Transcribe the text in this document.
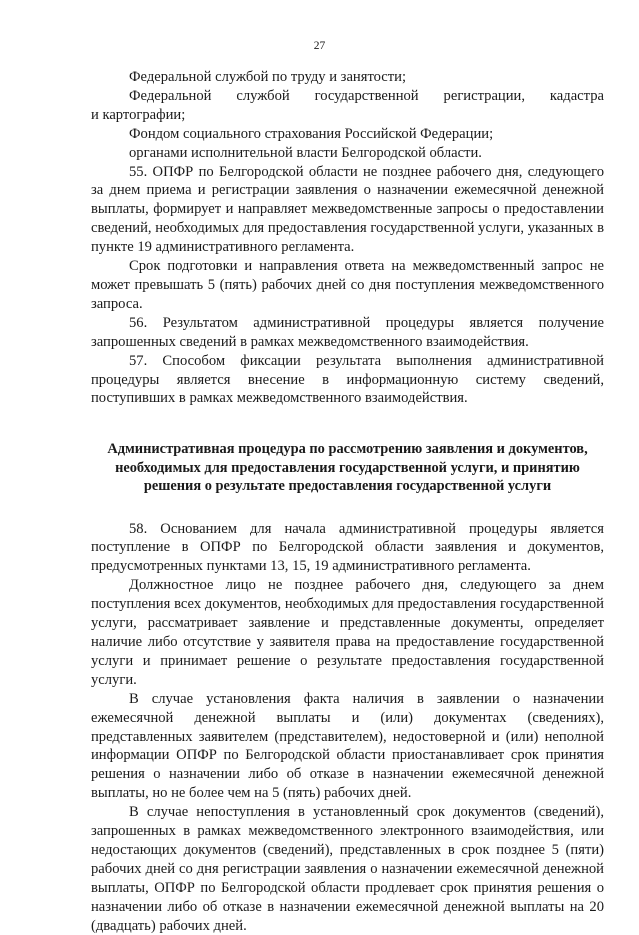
27

Федеральной службой по труду и занятости;

Федеральной службой государственной регистрации, кадастра

и картографии;

Фондом социального страхования Российской Федерации;

органами исполнительной власти Белгородской области.

55. ОПФР по Белгородской области не позднее рабочего дня, следующего за днем приема и регистрации заявления о назначении ежемесячной денежной выплаты, формирует и направляет межведомственные запросы о предоставлении сведений, необходимых для предоставления государственной услуги, указанных в пункте 19 административного регламента.

Срок подготовки и направления ответа на межведомственный запрос не может превышать 5 (пять) рабочих дней со дня поступления межведомственного запроса.

56. Результатом административной процедуры является получение запрошенных сведений в рамках межведомственного взаимодействия.

57. Способом фиксации результата выполнения административной процедуры является внесение в информационную систему сведений, поступивших в рамках межведомственного взаимодействия.

Административная процедура по рассмотрению заявления и документов,
необходимых для предоставления государственной услуги, и принятию
решения о результате предоставления государственной услуги

58. Основанием для начала административной процедуры является поступление в ОПФР по Белгородской области заявления и документов, предусмотренных пунктами 13, 15, 19 административного регламента.

Должностное лицо не позднее рабочего дня, следующего за днем поступления всех документов, необходимых для предоставления государственной услуги, рассматривает заявление и представленные документы, определяет наличие либо отсутствие у заявителя права на предоставление государственной услуги и принимает решение о результате предоставления государственной услуги.

В случае установления факта наличия в заявлении о назначении ежемесячной денежной выплаты и (или) документах (сведениях), представленных заявителем (представителем), недостоверной и (или) неполной информации ОПФР по Белгородской области приостанавливает срок принятия решения о назначении либо об отказе в назначении ежемесячной денежной выплаты, но не более чем на 5 (пять) рабочих дней.

В случае непоступления в установленный срок документов (сведений), запрошенных в рамках межведомственного электронного взаимодействия, или недостающих документов (сведений), представленных в срок позднее 5 (пяти) рабочих дней со дня регистрации заявления о назначении ежемесячной денежной выплаты, ОПФР по Белгородской области продлевает срок принятия решения о назначении либо об отказе в назначении ежемесячной денежной выплаты на 20 (двадцать) рабочих дней.
